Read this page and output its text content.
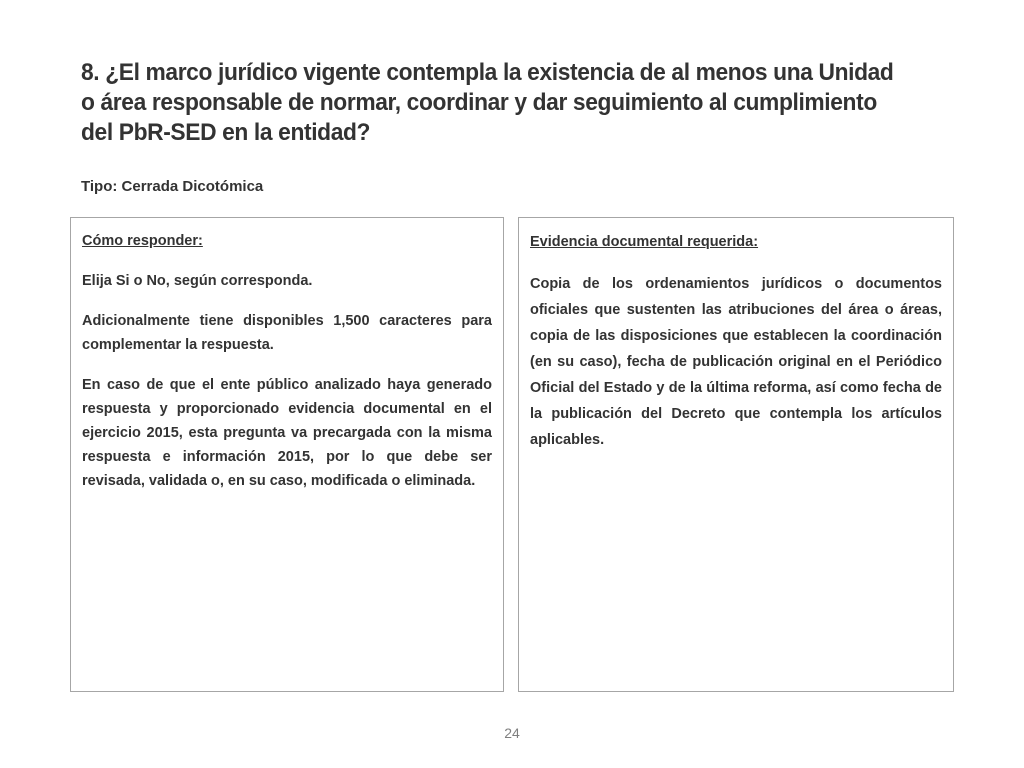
8. ¿El marco jurídico vigente contempla la existencia de al menos una Unidad o área responsable de normar, coordinar y dar seguimiento al cumplimiento del PbR-SED en la entidad?
Tipo: Cerrada Dicotómica
Cómo responder:

Elija Si o No, según corresponda.

Adicionalmente tiene disponibles 1,500 caracteres para complementar la respuesta.

En caso de que el ente público analizado haya generado respuesta y proporcionado evidencia documental en el ejercicio 2015, esta pregunta va precargada con la misma respuesta e información 2015, por lo que debe ser revisada, validada o, en su caso, modificada o eliminada.

Evidencia documental requerida:

Copia de los ordenamientos jurídicos o documentos oficiales que sustenten las atribuciones del área o áreas, copia de las disposiciones que establecen la coordinación (en su caso), fecha de publicación original en el Periódico Oficial del Estado y de la última reforma, así como fecha de la publicación del Decreto que contempla los artículos aplicables.

24
